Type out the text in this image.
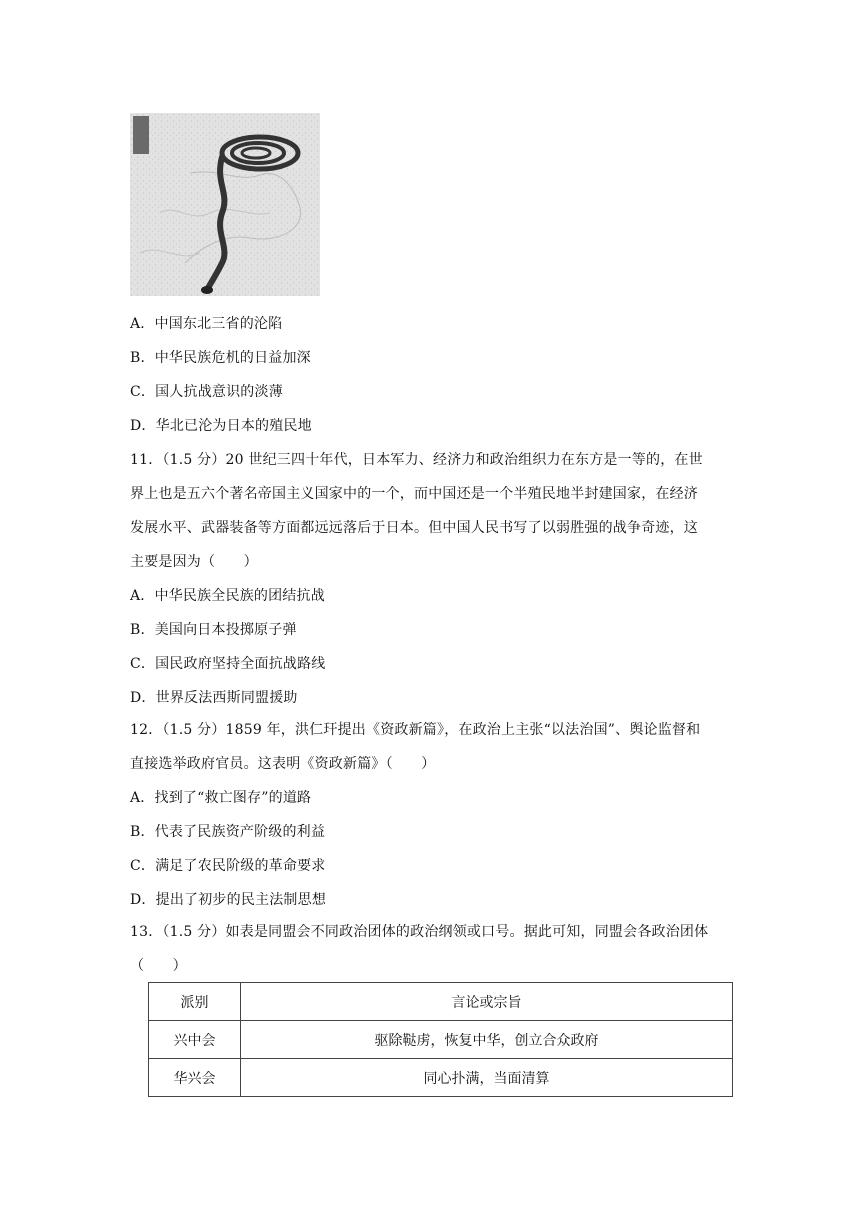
A．中国东北三省的沦陷
B．中华民族危机的日益加深
C．国人抗战意识的淡薄
D．华北已沦为日本的殖民地
11．（1.5 分）20 世纪三四十年代，日本军力、经济力和政治组织力在东方是一等的，在世
界上也是五六个著名帝国主义国家中的一个，而中国还是一个半殖民地半封建国家，在经济
发展水平、武器装备等方面都远远落后于日本。但中国人民书写了以弱胜强的战争奇迹，这
主要是因为（　　）
A．中华民族全民族的团结抗战
B．美国向日本投掷原子弹
C．国民政府坚持全面抗战路线
D．世界反法西斯同盟援助
12．（1.5 分）1859 年，洪仁玕提出《资政新篇》，在政治上主张“以法治国”、舆论监督和
直接选举政府官员。这表明《资政新篇》（　　）
A．找到了“救亡图存”的道路
B．代表了民族资产阶级的利益
C．满足了农民阶级的革命要求
D．提出了初步的民主法制思想
13．（1.5 分）如表是同盟会不同政治团体的政治纲领或口号。据此可知，同盟会各政治团体
（　　）
派别	言论或宗旨
兴中会	驱除鞑虏，恢复中华，创立合众政府
华兴会	同心扑满，当面清算
